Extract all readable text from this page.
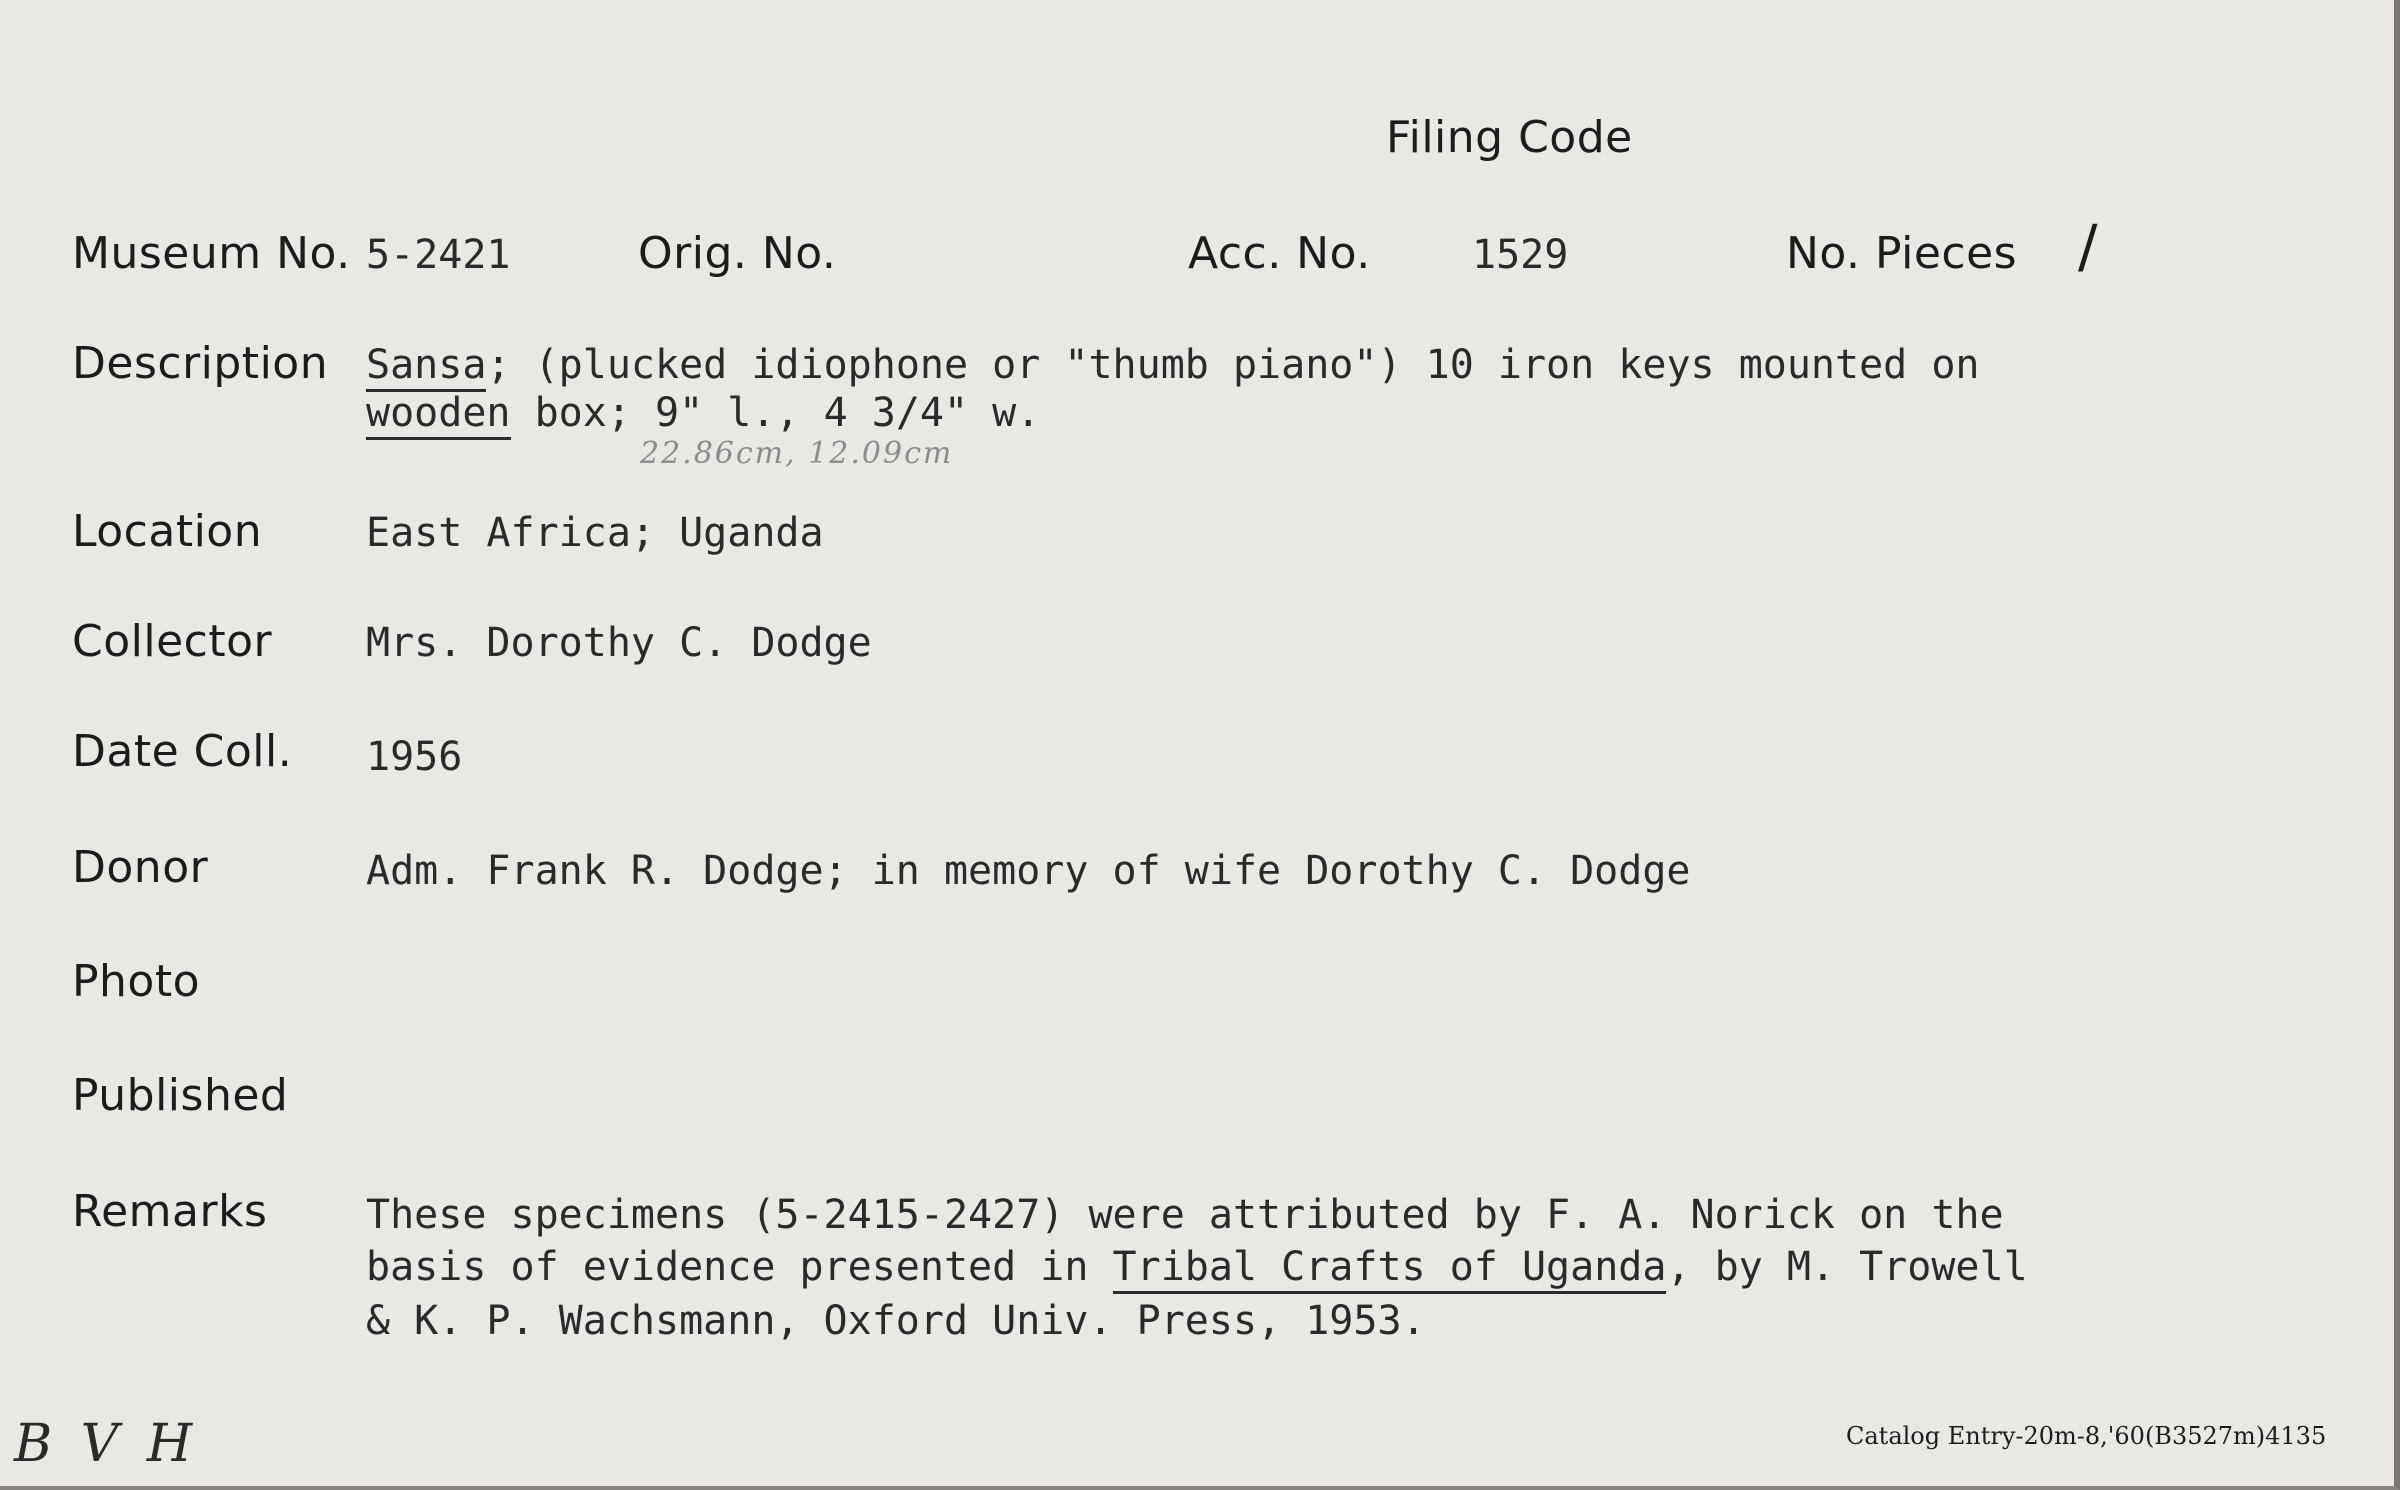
Filing Code
Museum No. 5-2421	Orig. No.	Acc. No.	1529	No. Pieces /
Description Sansa; (plucked idiophone or "thumb piano") 10 iron keys mounted on
wooden box; 9" l., 4 3/4" w.
22.86cm, 12.09cm
Location	East Africa; Uganda
Collector Mrs. Dorothy C. Dodge
Date Coll. 1956
Donor	Adm. Frank R. Dodge; in memory of wife Dorothy C. Dodge
Photo
Published
Remarks These specimens (5-2415-2427) were attributed by F. A. Norick on the
basis of evidence presented in Tribal Crafts of Uganda, by M. Trowell
& K. P. Wachsmann, Oxford Univ. Press, 1953.
B V H	Catalog Entry-20m-8,'60(B3527m)4135
